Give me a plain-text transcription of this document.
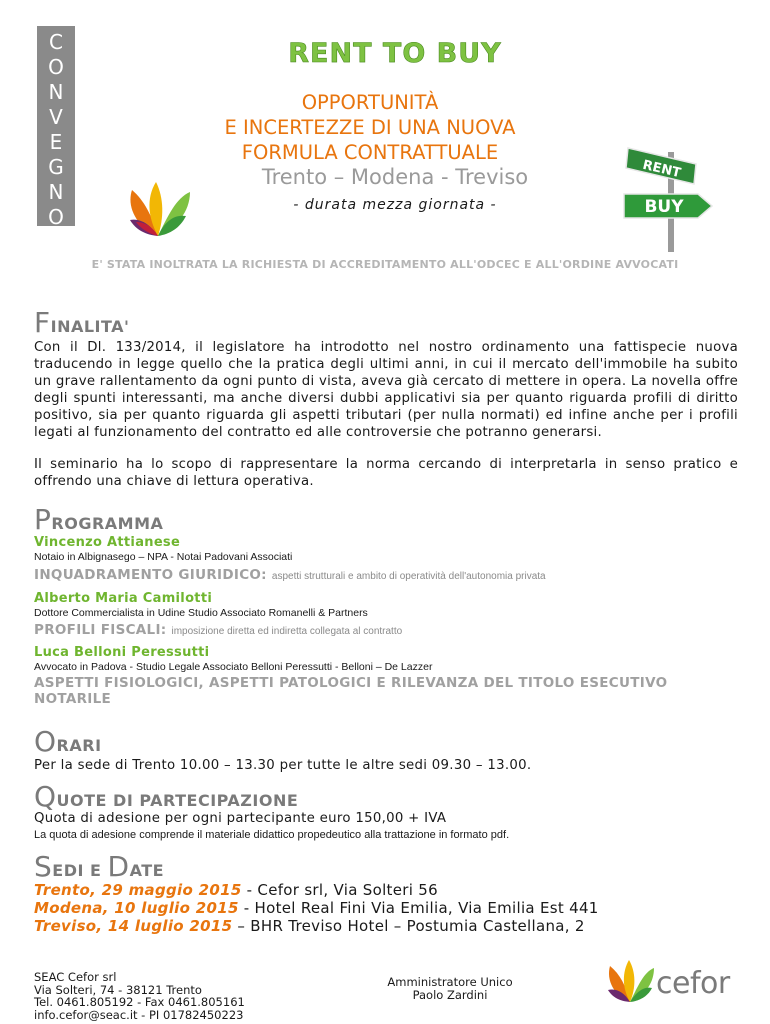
C
O
N
V
E
G
N
O
RENT TO BUY
OPPORTUNITÀ
E INCERTEZZE DI UNA NUOVA
FORMULA CONTRATTUALE
Trento – Modena - Treviso
- durata mezza giornata -
RENT
BUY
E' STATA INOLTRATA LA RICHIESTA DI ACCREDITAMENTO ALL'ODCEC E ALL'ORDINE AVVOCATI
FINALITA'
Con il Dl. 133/2014, il legislatore ha introdotto nel nostro ordinamento una fattispecie nuova traducendo in legge quello che la pratica degli ultimi anni, in cui il mercato dell'immobile ha subito un grave rallentamento da ogni punto di vista, aveva già cercato di mettere in opera. La novella offre degli spunti interessanti, ma anche diversi dubbi applicativi sia per quanto riguarda profili di diritto positivo, sia per quanto riguarda gli aspetti tributari (per nulla normati) ed infine anche per i profili legati al funzionamento del contratto ed alle controversie che potranno generarsi.
Il seminario ha lo scopo di rappresentare la norma cercando di interpretarla in senso pratico e offrendo una chiave di lettura operativa.
PROGRAMMA
Vincenzo Attianese
Notaio in Albignasego – NPA - Notai Padovani Associati
INQUADRAMENTO GIURIDICO: aspetti strutturali e ambito di operatività dell'autonomia privata
Alberto Maria Camilotti
Dottore Commercialista in Udine Studio Associato Romanelli & Partners
PROFILI FISCALI: imposizione diretta ed indiretta collegata al contratto
Luca Belloni Peressutti
Avvocato in Padova - Studio Legale Associato Belloni Peressutti - Belloni – De Lazzer
ASPETTI FISIOLOGICI, ASPETTI PATOLOGICI E RILEVANZA DEL TITOLO ESECUTIVO
NOTARILE
ORARI
Per la sede di Trento 10.00 – 13.30 per tutte le altre sedi 09.30 – 13.00.
QUOTE DI PARTECIPAZIONE
Quota di adesione per ogni partecipante euro 150,00 + IVA
La quota di adesione comprende il materiale didattico propedeutico alla trattazione in formato pdf.
SEDI E DATE
Trento, 29 maggio 2015 - Cefor srl, Via Solteri 56
Modena, 10 luglio 2015 - Hotel Real Fini Via Emilia, Via Emilia Est 441
Treviso, 14 luglio 2015 – BHR Treviso Hotel – Postumia Castellana, 2
SEAC Cefor srl
Via Solteri, 74 - 38121 Trento
Tel. 0461.805192 - Fax 0461.805161
info.cefor@seac.it - PI 01782450223
Amministratore Unico
Paolo Zardini	cefor
